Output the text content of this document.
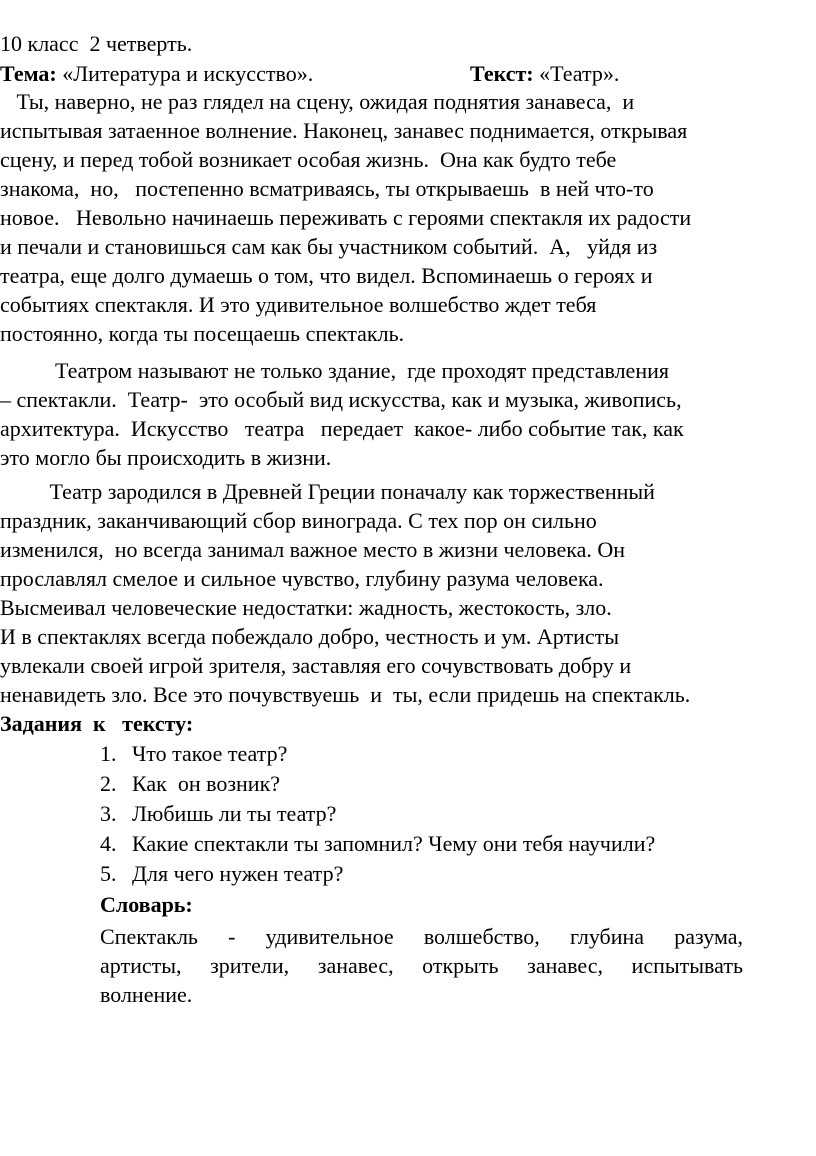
10 класс  2 четверть.
Тема: «Литература и искусство».	Текст: «Театр».
Ты, наверно, не раз глядел на сцену, ожидая поднятия занавеса,  и
испытывая затаенное волнение. Наконец, занавес поднимается, открывая
сцену, и перед тобой возникает особая жизнь.  Она как будто тебе
знакома,  но,   постепенно всматриваясь, ты открываешь  в ней что-то
новое.   Невольно начинаешь переживать с героями спектакля их радости
и печали и становишься сам как бы участником событий.  А,   уйдя из
театра, еще долго думаешь о том, что видел. Вспоминаешь о героях и
событиях спектакля. И это удивительное волшебство ждет тебя
постоянно, когда ты посещаешь спектакль.
Театром называют не только здание,  где проходят представления
– спектакли.  Театр-  это особый вид искусства, как и музыка, живопись,
архитектура.  Искусство   театра   передает  какое- либо событие так, как
это могло бы происходить в жизни.
Театр зародился в Древней Греции поначалу как торжественный
праздник, заканчивающий сбор винограда. С тех пор он сильно
изменился,  но всегда занимал важное место в жизни человека. Он
прославлял смелое и сильное чувство, глубину разума человека.
Высмеивал человеческие недостатки: жадность, жестокость, зло.
И в спектаклях всегда побеждало добро, честность и ум. Артисты
увлекали своей игрой зрителя, заставляя его сочувствовать добру и
ненавидеть зло. Все это почувствуешь  и  ты, если придешь на спектакль.
Задания  к   тексту:
1. Что такое театр?
2. Как  он возник?
3. Любишь ли ты театр?
4. Какие спектакли ты запомнил? Чему они тебя научили?
5. Для чего нужен театр?
Словарь:
Спектакль - удивительное волшебство, глубина разума,
артисты, зрители, занавес, открыть занавес, испытывать
волнение.
